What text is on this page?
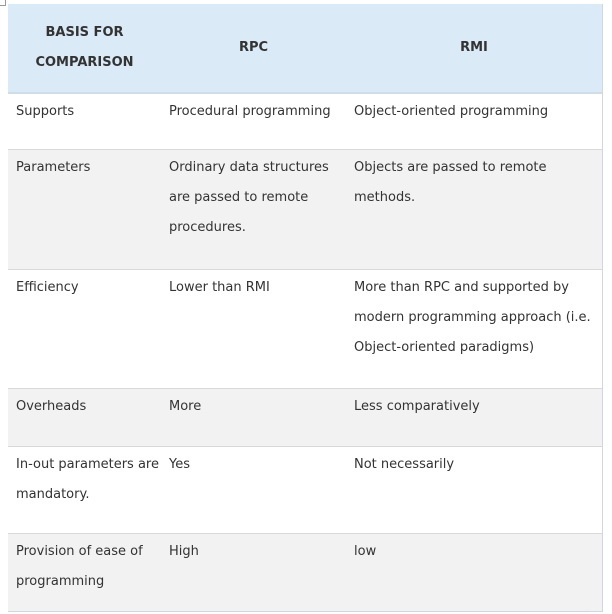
BASIS FOR
COMPARISON	RPC	RMI

Supports	Procedural programming	Object-oriented programming

Parameters	Ordinary data structures are passed to remote procedures.	Objects are passed to remote methods.

Efficiency	Lower than RMI	More than RPC and supported by modern programming approach (i.e. Object-oriented paradigms)

Overheads	More	Less comparatively

In-out parameters are mandatory.	Yes	Not necessarily

Provision of ease of programming	High	low
